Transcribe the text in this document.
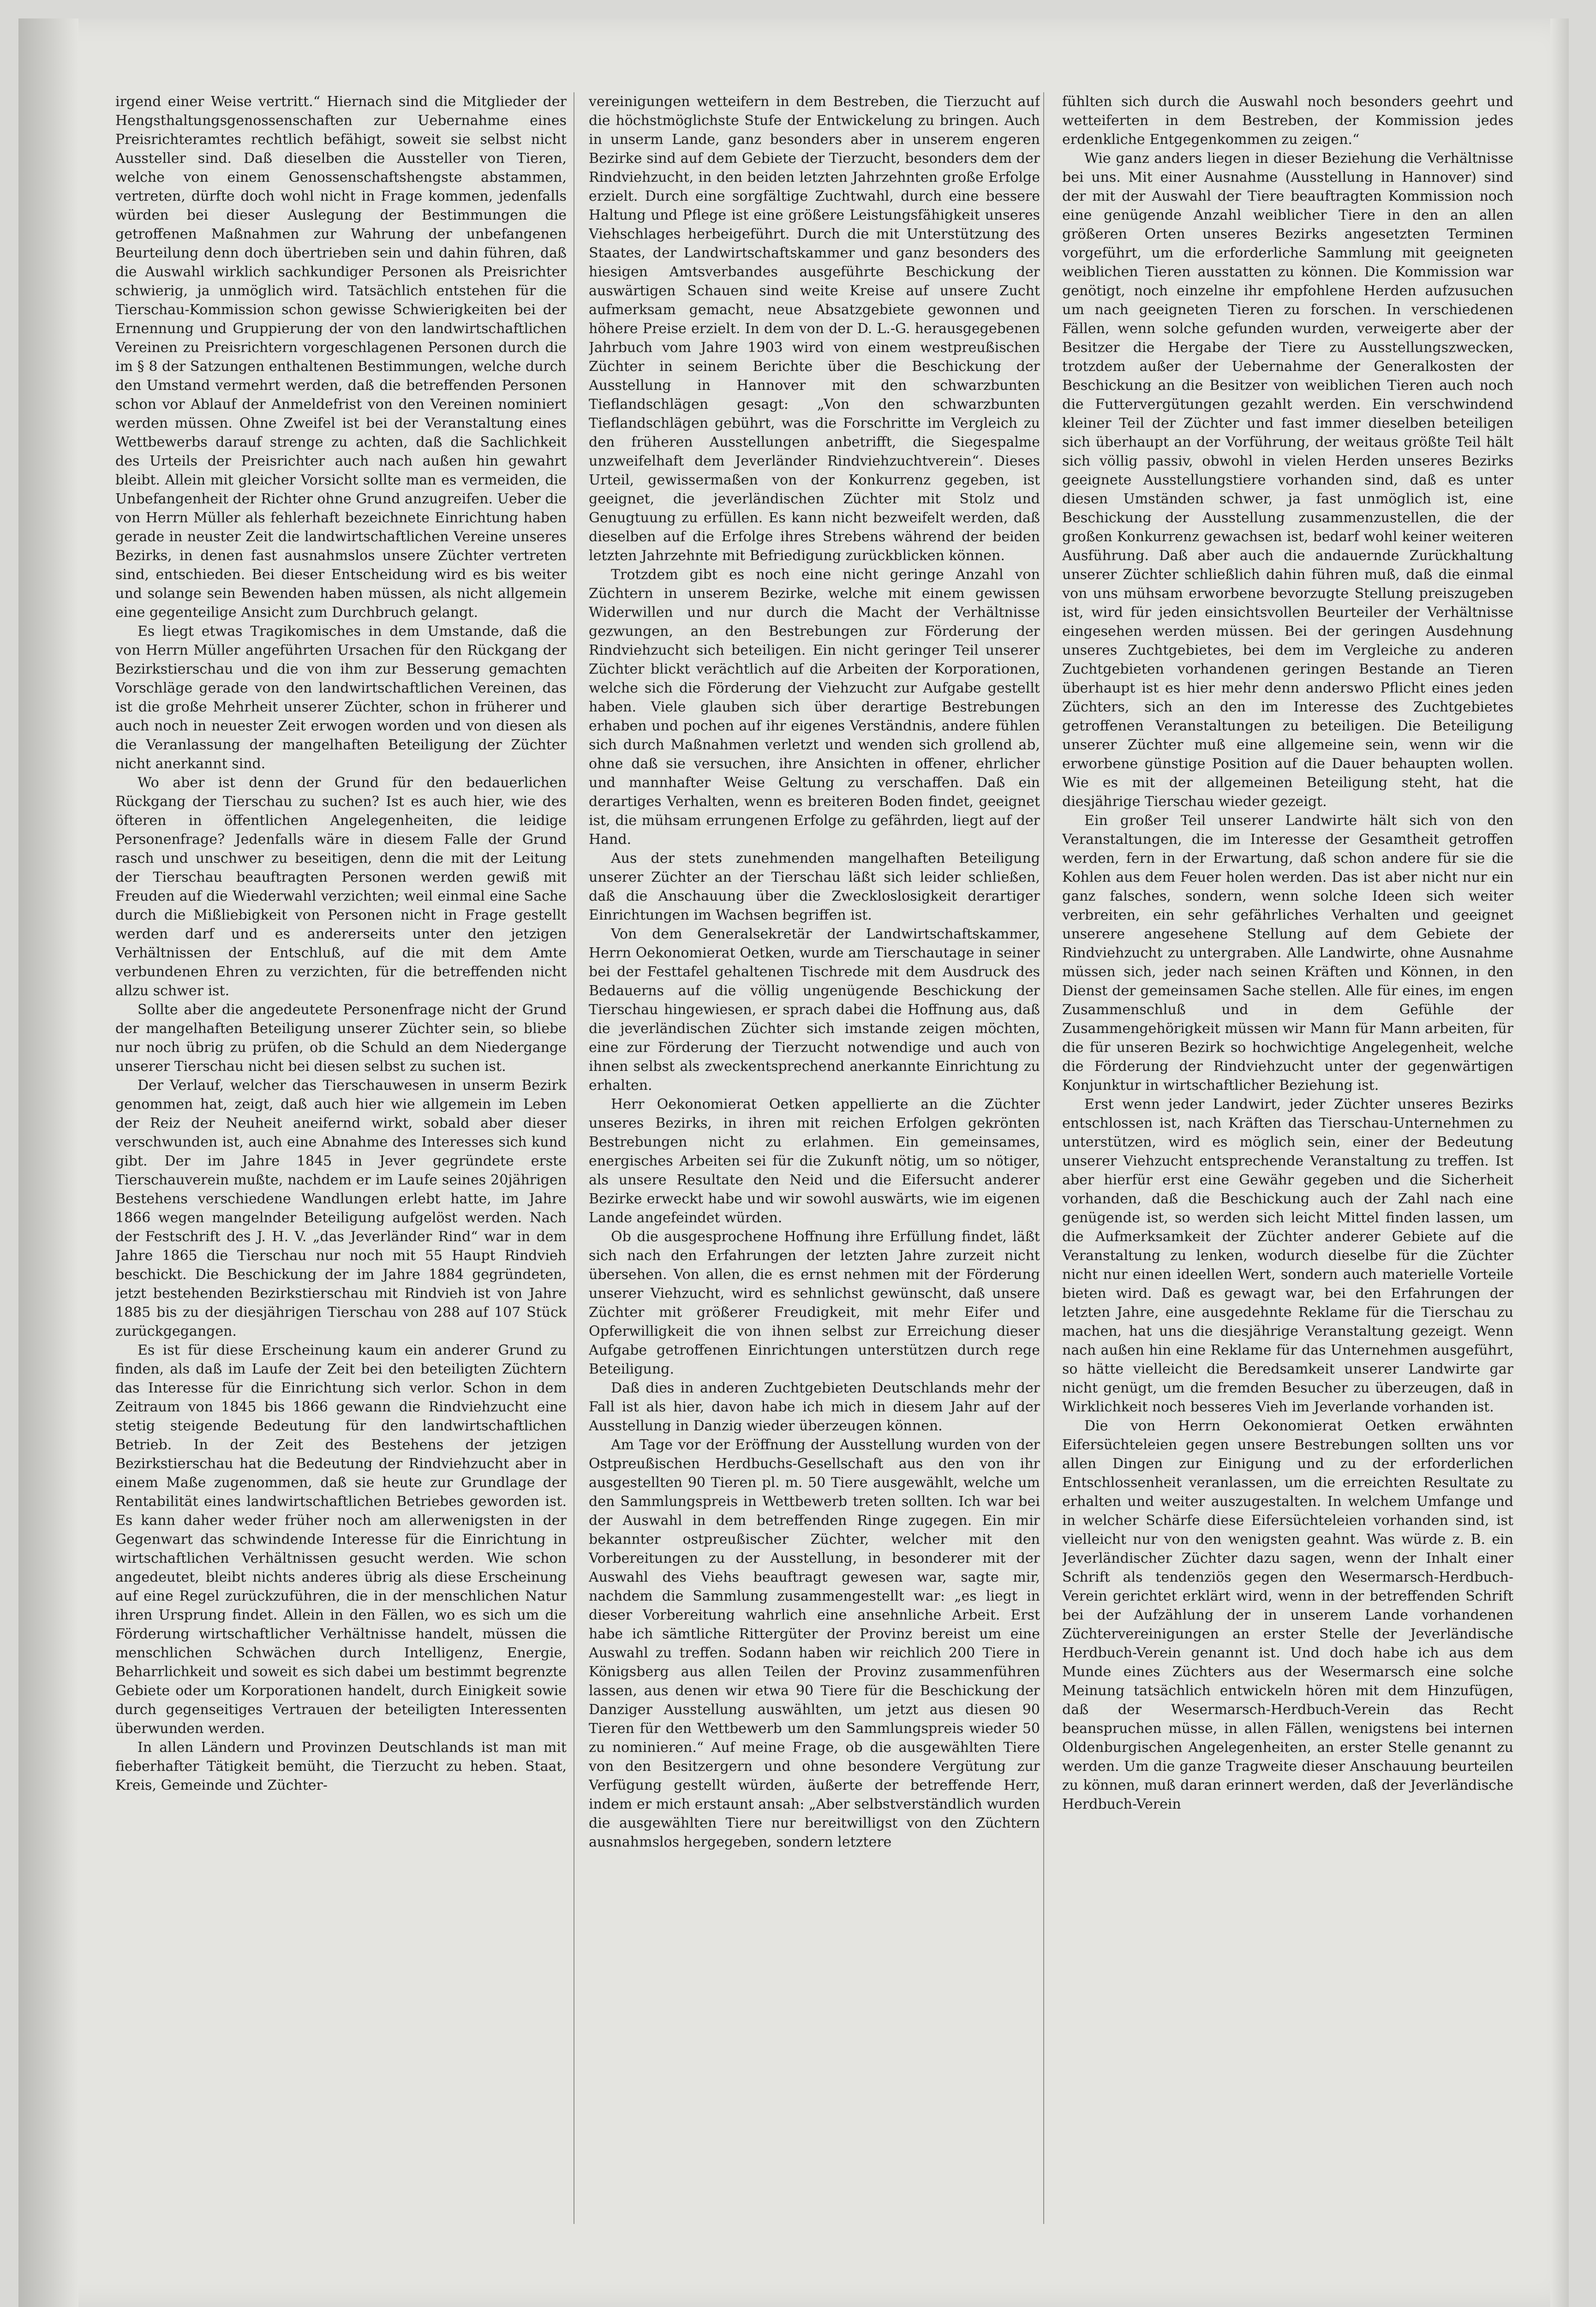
irgend einer Weise vertritt.“ Hiernach sind die Mitglieder der Hengsthaltungsgenossenschaften zur Uebernahme eines Preisrichteramtes rechtlich befähigt, soweit sie selbst nicht Aussteller sind. Daß dieselben die Aussteller von Tieren, welche von einem Genossenschaftshengste abstammen, vertreten, dürfte doch wohl nicht in Frage kommen, jedenfalls würden bei dieser Auslegung der Bestimmungen die getroffenen Maßnahmen zur Wahrung der unbefangenen Beurteilung denn doch übertrieben sein und dahin führen, daß die Auswahl wirklich sachkundiger Personen als Preisrichter schwierig, ja unmöglich wird. Tatsächlich entstehen für die Tierschau-Kommission schon gewisse Schwierigkeiten bei der Ernennung und Gruppierung der von den landwirtschaftlichen Vereinen zu Preisrichtern vorgeschlagenen Personen durch die im § 8 der Satzungen enthaltenen Bestimmungen, welche durch den Umstand vermehrt werden, daß die betreffenden Personen schon vor Ablauf der Anmeldefrist von den Vereinen nominiert werden müssen. Ohne Zweifel ist bei der Veranstaltung eines Wettbewerbs darauf strenge zu achten, daß die Sachlichkeit des Urteils der Preisrichter auch nach außen hin gewahrt bleibt. Allein mit gleicher Vorsicht sollte man es vermeiden, die Unbefangenheit der Richter ohne Grund anzugreifen. Ueber die von Herrn Müller als fehlerhaft bezeichnete Einrichtung haben gerade in neuster Zeit die landwirtschaftlichen Vereine unseres Bezirks, in denen fast ausnahmslos unsere Züchter vertreten sind, entschieden. Bei dieser Entscheidung wird es bis weiter und solange sein Bewenden haben müssen, als nicht allgemein eine gegenteilige Ansicht zum Durchbruch gelangt.

Es liegt etwas Tragikomisches in dem Umstande, daß die von Herrn Müller angeführten Ursachen für den Rückgang der Bezirkstierschau und die von ihm zur Besserung gemachten Vorschläge gerade von den landwirtschaftlichen Vereinen, das ist die große Mehrheit unserer Züchter, schon in früherer und auch noch in neuester Zeit erwogen worden und von diesen als die Veranlassung der mangelhaften Beteiligung der Züchter nicht anerkannt sind.

Wo aber ist denn der Grund für den bedauerlichen Rückgang der Tierschau zu suchen? Ist es auch hier, wie des öfteren in öffentlichen Angelegenheiten, die leidige Personenfrage? Jedenfalls wäre in diesem Falle der Grund rasch und unschwer zu beseitigen, denn die mit der Leitung der Tierschau beauftragten Personen werden gewiß mit Freuden auf die Wiederwahl verzichten; weil einmal eine Sache durch die Mißliebigkeit von Personen nicht in Frage gestellt werden darf und es andererseits unter den jetzigen Verhältnissen der Entschluß, auf die mit dem Amte verbundenen Ehren zu verzichten, für die betreffenden nicht allzu schwer ist.

Sollte aber die angedeutete Personenfrage nicht der Grund der mangelhaften Beteiligung unserer Züchter sein, so bliebe nur noch übrig zu prüfen, ob die Schuld an dem Niedergange unserer Tierschau nicht bei diesen selbst zu suchen ist.

Der Verlauf, welcher das Tierschauwesen in unserm Bezirk genommen hat, zeigt, daß auch hier wie allgemein im Leben der Reiz der Neuheit aneifernd wirkt, sobald aber dieser verschwunden ist, auch eine Abnahme des Interesses sich kund gibt. Der im Jahre 1845 in Jever gegründete erste Tierschauverein mußte, nachdem er im Laufe seines 20jährigen Bestehens verschiedene Wandlungen erlebt hatte, im Jahre 1866 wegen mangelnder Beteiligung aufgelöst werden. Nach der Festschrift des J. H. V. „das Jeverländer Rind“ war in dem Jahre 1865 die Tierschau nur noch mit 55 Haupt Rindvieh beschickt. Die Beschickung der im Jahre 1884 gegründeten, jetzt bestehenden Bezirkstierschau mit Rindvieh ist von Jahre 1885 bis zu der diesjährigen Tierschau von 288 auf 107 Stück zurückgegangen.

Es ist für diese Erscheinung kaum ein anderer Grund zu finden, als daß im Laufe der Zeit bei den beteiligten Züchtern das Interesse für die Einrichtung sich verlor. Schon in dem Zeitraum von 1845 bis 1866 gewann die Rindviehzucht eine stetig steigende Bedeutung für den landwirtschaftlichen Betrieb. In der Zeit des Bestehens der jetzigen Bezirkstierschau hat die Bedeutung der Rindviehzucht aber in einem Maße zugenommen, daß sie heute zur Grundlage der Rentabilität eines landwirtschaftlichen Betriebes geworden ist. Es kann daher weder früher noch am allerwenigsten in der Gegenwart das schwindende Interesse für die Einrichtung in wirtschaftlichen Verhältnissen gesucht werden. Wie schon angedeutet, bleibt nichts anderes übrig als diese Erscheinung auf eine Regel zurückzuführen, die in der menschlichen Natur ihren Ursprung findet. Allein in den Fällen, wo es sich um die Förderung wirtschaftlicher Verhältnisse handelt, müssen die menschlichen Schwächen durch Intelligenz, Energie, Beharrlichkeit und soweit es sich dabei um bestimmt begrenzte Gebiete oder um Korporationen handelt, durch Einigkeit sowie durch gegenseitiges Vertrauen der beteiligten Interessenten überwunden werden.

In allen Ländern und Provinzen Deutschlands ist man mit fieberhafter Tätigkeit bemüht, die Tierzucht zu heben. Staat, Kreis, Gemeinde und Züchter-

vereinigungen wetteifern in dem Bestreben, die Tierzucht auf die höchstmöglichste Stufe der Entwickelung zu bringen. Auch in unserm Lande, ganz besonders aber in unserem engeren Bezirke sind auf dem Gebiete der Tierzucht, besonders dem der Rindviehzucht, in den beiden letzten Jahrzehnten große Erfolge erzielt. Durch eine sorgfältige Zuchtwahl, durch eine bessere Haltung und Pflege ist eine größere Leistungsfähigkeit unseres Viehschlages herbeigeführt. Durch die mit Unterstützung des Staates, der Landwirtschaftskammer und ganz besonders des hiesigen Amtsverbandes ausgeführte Beschickung der auswärtigen Schauen sind weite Kreise auf unsere Zucht aufmerksam gemacht, neue Absatzgebiete gewonnen und höhere Preise erzielt. In dem von der D. L.-G. herausgegebenen Jahrbuch vom Jahre 1903 wird von einem westpreußischen Züchter in seinem Berichte über die Beschickung der Ausstellung in Hannover mit den schwarzbunten Tieflandschlägen gesagt: „Von den schwarzbunten Tieflandschlägen gebührt, was die Forschritte im Vergleich zu den früheren Ausstellungen anbetrifft, die Siegespalme unzweifelhaft dem Jeverländer Rindviehzuchtverein“. Dieses Urteil, gewissermaßen von der Konkurrenz gegeben, ist geeignet, die jeverländischen Züchter mit Stolz und Genugtuung zu erfüllen. Es kann nicht bezweifelt werden, daß dieselben auf die Erfolge ihres Strebens während der beiden letzten Jahrzehnte mit Befriedigung zurückblicken können.

Trotzdem gibt es noch eine nicht geringe Anzahl von Züchtern in unserem Bezirke, welche mit einem gewissen Widerwillen und nur durch die Macht der Verhältnisse gezwungen, an den Bestrebungen zur Förderung der Rindviehzucht sich beteiligen. Ein nicht geringer Teil unserer Züchter blickt verächtlich auf die Arbeiten der Korporationen, welche sich die Förderung der Viehzucht zur Aufgabe gestellt haben. Viele glauben sich über derartige Bestrebungen erhaben und pochen auf ihr eigenes Verständnis, andere fühlen sich durch Maßnahmen verletzt und wenden sich grollend ab, ohne daß sie versuchen, ihre Ansichten in offener, ehrlicher und mannhafter Weise Geltung zu verschaffen. Daß ein derartiges Verhalten, wenn es breiteren Boden findet, geeignet ist, die mühsam errungenen Erfolge zu gefährden, liegt auf der Hand.

Aus der stets zunehmenden mangelhaften Beteiligung unserer Züchter an der Tierschau läßt sich leider schließen, daß die Anschauung über die Zweckloslosigkeit derartiger Einrichtungen im Wachsen begriffen ist.

Von dem Generalsekretär der Landwirtschaftskammer, Herrn Oekonomierat Oetken, wurde am Tierschautage in seiner bei der Festtafel gehaltenen Tischrede mit dem Ausdruck des Bedauerns auf die völlig ungenügende Beschickung der Tierschau hingewiesen, er sprach dabei die Hoffnung aus, daß die jeverländischen Züchter sich imstande zeigen möchten, eine zur Förderung der Tierzucht notwendige und auch von ihnen selbst als zweckentsprechend anerkannte Einrichtung zu erhalten.

Herr Oekonomierat Oetken appellierte an die Züchter unseres Bezirks, in ihren mit reichen Erfolgen gekrönten Bestrebungen nicht zu erlahmen. Ein gemeinsames, energisches Arbeiten sei für die Zukunft nötig, um so nötiger, als unsere Resultate den Neid und die Eifersucht anderer Bezirke erweckt habe und wir sowohl auswärts, wie im eigenen Lande angefeindet würden.

Ob die ausgesprochene Hoffnung ihre Erfüllung findet, läßt sich nach den Erfahrungen der letzten Jahre zurzeit nicht übersehen. Von allen, die es ernst nehmen mit der Förderung unserer Viehzucht, wird es sehnlichst gewünscht, daß unsere Züchter mit größerer Freudigkeit, mit mehr Eifer und Opferwilligkeit die von ihnen selbst zur Erreichung dieser Aufgabe getroffenen Einrichtungen unterstützen durch rege Beteiligung.

Daß dies in anderen Zuchtgebieten Deutschlands mehr der Fall ist als hier, davon habe ich mich in diesem Jahr auf der Ausstellung in Danzig wieder überzeugen können.

Am Tage vor der Eröffnung der Ausstellung wurden von der Ostpreußischen Herdbuchs-Gesellschaft aus den von ihr ausgestellten 90 Tieren pl. m. 50 Tiere ausgewählt, welche um den Sammlungspreis in Wettbewerb treten sollten. Ich war bei der Auswahl in dem betreffenden Ringe zugegen. Ein mir bekannter ostpreußischer Züchter, welcher mit den Vorbereitungen zu der Ausstellung, in besonderer mit der Auswahl des Viehs beauftragt gewesen war, sagte mir, nachdem die Sammlung zusammengestellt war: „es liegt in dieser Vorbereitung wahrlich eine ansehnliche Arbeit. Erst habe ich sämtliche Rittergüter der Provinz bereist um eine Auswahl zu treffen. Sodann haben wir reichlich 200 Tiere in Königsberg aus allen Teilen der Provinz zusammenführen lassen, aus denen wir etwa 90 Tiere für die Beschickung der Danziger Ausstellung auswählten, um jetzt aus diesen 90 Tieren für den Wettbewerb um den Sammlungspreis wieder 50 zu nominieren.“ Auf meine Frage, ob die ausgewählten Tiere von den Besitzergern und ohne besondere Vergütung zur Verfügung gestellt würden, äußerte der betreffende Herr, indem er mich erstaunt ansah: „Aber selbstverständlich wurden die ausgewählten Tiere nur bereitwilligst von den Züchtern ausnahmslos hergegeben, sondern letztere

fühlten sich durch die Auswahl noch besonders geehrt und wetteiferten in dem Bestreben, der Kommission jedes erdenkliche Entgegenkommen zu zeigen.“

Wie ganz anders liegen in dieser Beziehung die Verhältnisse bei uns. Mit einer Ausnahme (Ausstellung in Hannover) sind der mit der Auswahl der Tiere beauftragten Kommission noch eine genügende Anzahl weiblicher Tiere in den an allen größeren Orten unseres Bezirks angesetzten Terminen vorgeführt, um die erforderliche Sammlung mit geeigneten weiblichen Tieren ausstatten zu können. Die Kommission war genötigt, noch einzelne ihr empfohlene Herden aufzusuchen um nach geeigneten Tieren zu forschen. In verschiedenen Fällen, wenn solche gefunden wurden, verweigerte aber der Besitzer die Hergabe der Tiere zu Ausstellungszwecken, trotzdem außer der Uebernahme der Generalkosten der Beschickung an die Besitzer von weiblichen Tieren auch noch die Futtervergütungen gezahlt werden. Ein verschwindend kleiner Teil der Züchter und fast immer dieselben beteiligen sich überhaupt an der Vorführung, der weitaus größte Teil hält sich völlig passiv, obwohl in vielen Herden unseres Bezirks geeignete Ausstellungstiere vorhanden sind, daß es unter diesen Umständen schwer, ja fast unmöglich ist, eine Beschickung der Ausstellung zusammenzustellen, die der großen Konkurrenz gewachsen ist, bedarf wohl keiner weiteren Ausführung. Daß aber auch die andauernde Zurückhaltung unserer Züchter schließlich dahin führen muß, daß die einmal von uns mühsam erworbene bevorzugte Stellung preiszugeben ist, wird für jeden einsichtsvollen Beurteiler der Verhältnisse eingesehen werden müssen. Bei der geringen Ausdehnung unseres Zuchtgebietes, bei dem im Vergleiche zu anderen Zuchtgebieten vorhandenen geringen Bestande an Tieren überhaupt ist es hier mehr denn anderswo Pflicht eines jeden Züchters, sich an den im Interesse des Zuchtgebietes getroffenen Veranstaltungen zu beteiligen. Die Beteiligung unserer Züchter muß eine allgemeine sein, wenn wir die erworbene günstige Position auf die Dauer behaupten wollen. Wie es mit der allgemeinen Beteiligung steht, hat die diesjährige Tierschau wieder gezeigt.

Ein großer Teil unserer Landwirte hält sich von den Veranstaltungen, die im Interesse der Gesamtheit getroffen werden, fern in der Erwartung, daß schon andere für sie die Kohlen aus dem Feuer holen werden. Das ist aber nicht nur ein ganz falsches, sondern, wenn solche Ideen sich weiter verbreiten, ein sehr gefährliches Verhalten und geeignet unserere angesehene Stellung auf dem Gebiete der Rindviehzucht zu untergraben. Alle Landwirte, ohne Ausnahme müssen sich, jeder nach seinen Kräften und Können, in den Dienst der gemeinsamen Sache stellen. Alle für eines, im engen Zusammenschluß und in dem Gefühle der Zusammengehörigkeit müssen wir Mann für Mann arbeiten, für die für unseren Bezirk so hochwichtige Angelegenheit, welche die Förderung der Rindviehzucht unter der gegenwärtigen Konjunktur in wirtschaftlicher Beziehung ist.

Erst wenn jeder Landwirt, jeder Züchter unseres Bezirks entschlossen ist, nach Kräften das Tierschau-Unternehmen zu unterstützen, wird es möglich sein, einer der Bedeutung unserer Viehzucht entsprechende Veranstaltung zu treffen. Ist aber hierfür erst eine Gewähr gegeben und die Sicherheit vorhanden, daß die Beschickung auch der Zahl nach eine genügende ist, so werden sich leicht Mittel finden lassen, um die Aufmerksamkeit der Züchter anderer Gebiete auf die Veranstaltung zu lenken, wodurch dieselbe für die Züchter nicht nur einen ideellen Wert, sondern auch materielle Vorteile bieten wird. Daß es gewagt war, bei den Erfahrungen der letzten Jahre, eine ausgedehnte Reklame für die Tierschau zu machen, hat uns die diesjährige Veranstaltung gezeigt. Wenn nach außen hin eine Reklame für das Unternehmen ausgeführt, so hätte vielleicht die Beredsamkeit unserer Landwirte gar nicht genügt, um die fremden Besucher zu überzeugen, daß in Wirklichkeit noch besseres Vieh im Jeverlande vorhanden ist.

Die von Herrn Oekonomierat Oetken erwähnten Eifersüchteleien gegen unsere Bestrebungen sollten uns vor allen Dingen zur Einigung und zu der erforderlichen Entschlossenheit veranlassen, um die erreichten Resultate zu erhalten und weiter auszugestalten. In welchem Umfange und in welcher Schärfe diese Eifersüchteleien vorhanden sind, ist vielleicht nur von den wenigsten geahnt. Was würde z. B. ein Jeverländischer Züchter dazu sagen, wenn der Inhalt einer Schrift als tendenziös gegen den Wesermarsch-Herdbuch-Verein gerichtet erklärt wird, wenn in der betreffenden Schrift bei der Aufzählung der in unserem Lande vorhandenen Züchtervereinigungen an erster Stelle der Jeverländische Herdbuch-Verein genannt ist. Und doch habe ich aus dem Munde eines Züchters aus der Wesermarsch eine solche Meinung tatsächlich entwickeln hören mit dem Hinzufügen, daß der Wesermarsch-Herdbuch-Verein das Recht beanspruchen müsse, in allen Fällen, wenigstens bei internen Oldenburgischen Angelegenheiten, an erster Stelle genannt zu werden. Um die ganze Tragweite dieser Anschauung beurteilen zu können, muß daran erinnert werden, daß der Jeverländische Herdbuch-Verein
